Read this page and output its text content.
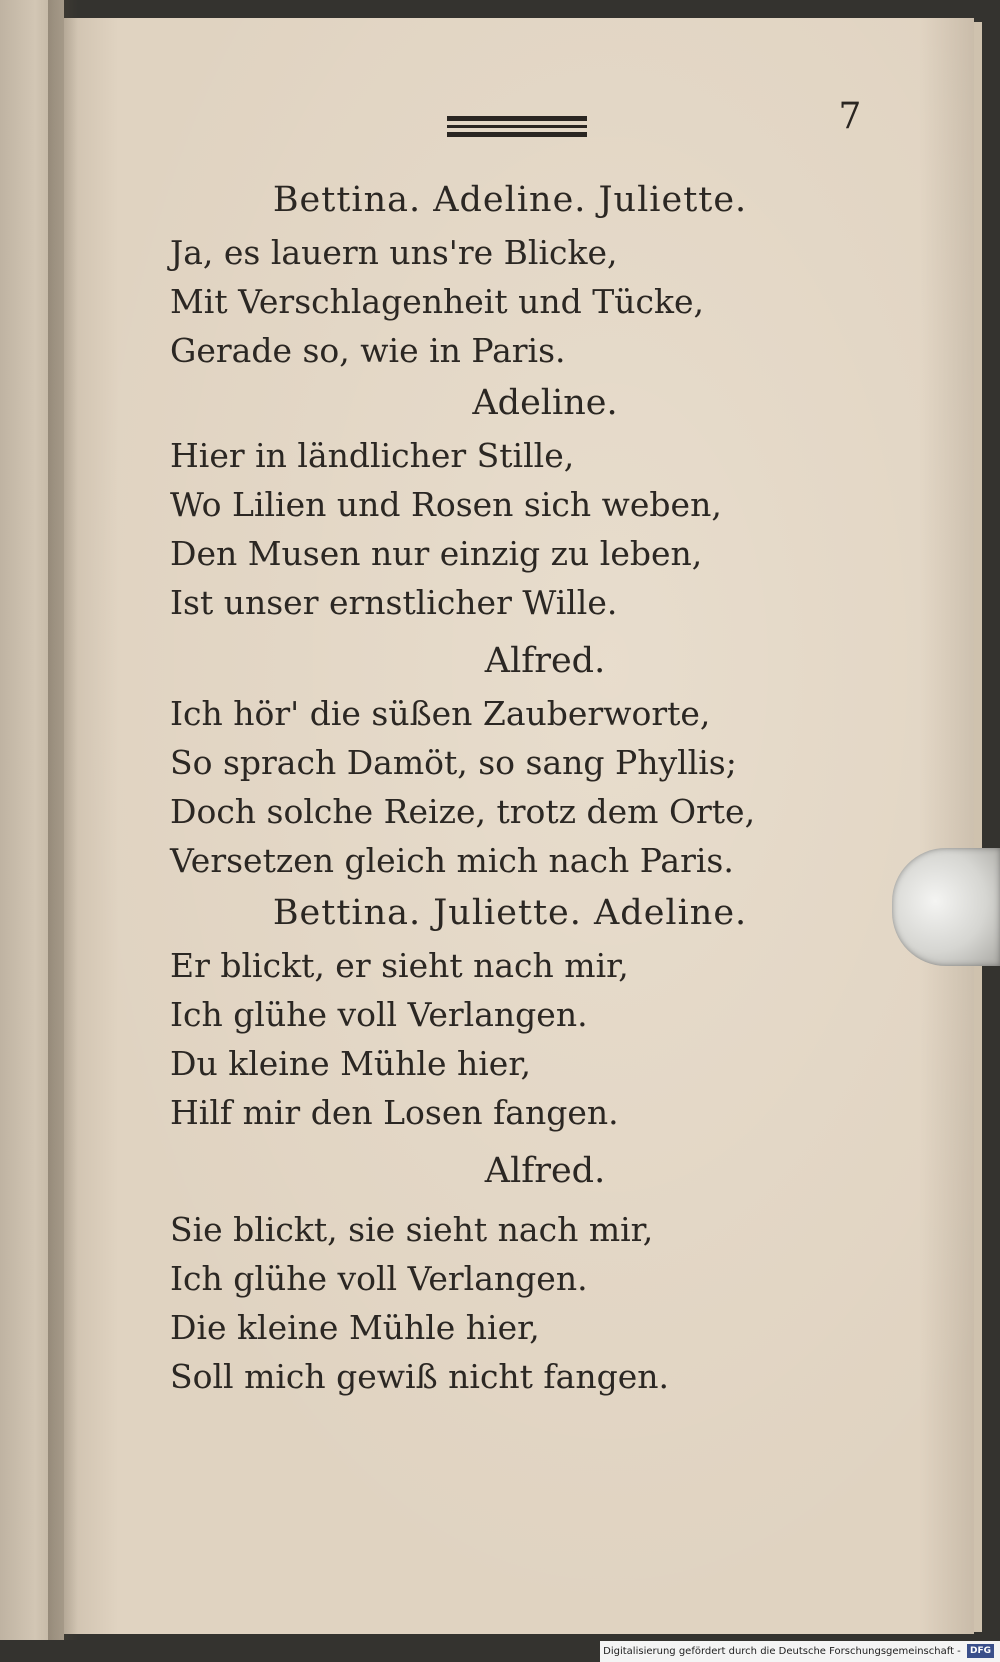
7
Bettina. Adeline. Juliette.
Ja, es lauern uns're Blicke,
Mit Verschlagenheit und Tücke,
Gerade so, wie in Paris.
Adeline.
Hier in ländlicher Stille,
Wo Lilien und Rosen sich weben,
Den Musen nur einzig zu leben,
Ist unser ernstlicher Wille.
Alfred.
Ich hör' die süßen Zauberworte,
So sprach Damöt, so sang Phyllis;
Doch solche Reize, trotz dem Orte,
Versetzen gleich mich nach Paris.
Bettina. Juliette. Adeline.
Er blickt, er sieht nach mir,
Ich glühe voll Verlangen.
Du kleine Mühle hier,
Hilf mir den Losen fangen.
Alfred.
Sie blickt, sie sieht nach mir,
Ich glühe voll Verlangen.
Die kleine Mühle hier,
Soll mich gewiß nicht fangen.
Digitalisierung gefördert durch die Deutsche Forschungsgemeinschaft - DFG
